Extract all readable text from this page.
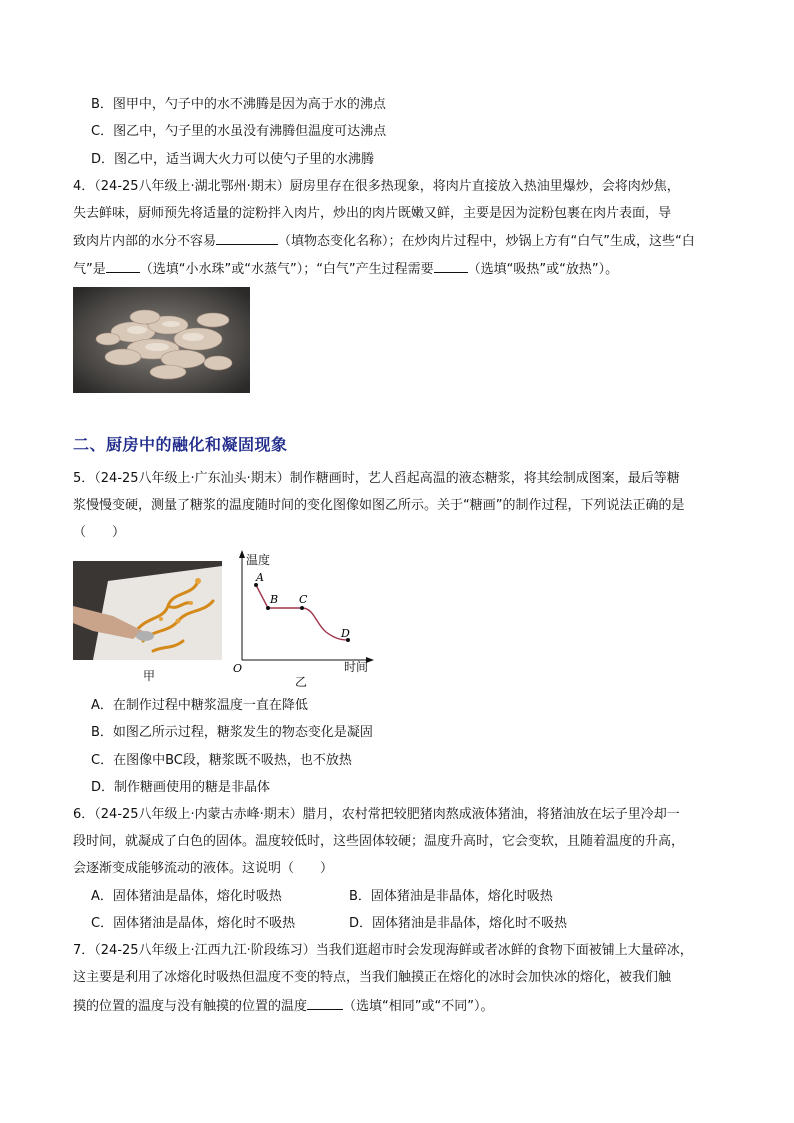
B．图甲中，勺子中的水不沸腾是因为高于水的沸点
C．图乙中，勺子里的水虽没有沸腾但温度可达沸点
D．图乙中，适当调大火力可以使勺子里的水沸腾
4．（24-25八年级上·湖北鄂州·期末）厨房里存在很多热现象，将肉片直接放入热油里爆炒，会将肉炒焦，
失去鲜味，厨师预先将适量的淀粉拌入肉片，炒出的肉片既嫩又鲜，主要是因为淀粉包裹在肉片表面，导
致肉片内部的水分不容易	（填物态变化名称）；在炒肉片过程中，炒锅上方有“白气”生成，这些“白
气”是	（选填“小水珠”或“水蒸气”）；“白气”产生过程需要	（选填“吸热”或“放热”）。
二、厨房中的融化和凝固现象
5．（24-25八年级上·广东汕头·期末）制作糖画时，艺人舀起高温的液态糖浆，将其绘制成图案，最后等糖
浆慢慢变硬，测量了糖浆的温度随时间的变化图像如图乙所示。关于“糖画”的制作过程，下列说法正确的是
（　　）
甲
A
B C
D
O
温度
时间
乙
A．在制作过程中糖浆温度一直在降低
B．如图乙所示过程，糖浆发生的物态变化是凝固
C．在图像中BC段，糖浆既不吸热，也不放热
D．制作糖画使用的糖是非晶体
6．（24-25八年级上·内蒙古赤峰·期末）腊月，农村常把较肥猪肉熬成液体猪油，将猪油放在坛子里冷却一
段时间，就凝成了白色的固体。温度较低时，这些固体较硬；温度升高时，它会变软，且随着温度的升高，
会逐渐变成能够流动的液体。这说明（　　）
A．固体猪油是晶体，熔化时吸热	B．固体猪油是非晶体，熔化时吸热
C．固体猪油是晶体，熔化时不吸热	D．固体猪油是非晶体，熔化时不吸热
7．（24-25八年级上·江西九江·阶段练习）当我们逛超市时会发现海鲜或者冰鲜的食物下面被铺上大量碎冰，
这主要是利用了冰熔化时吸热但温度不变的特点，当我们触摸正在熔化的冰时会加快冰的熔化，被我们触
摸的位置的温度与没有触摸的位置的温度	（选填“相同”或“不同”）。
